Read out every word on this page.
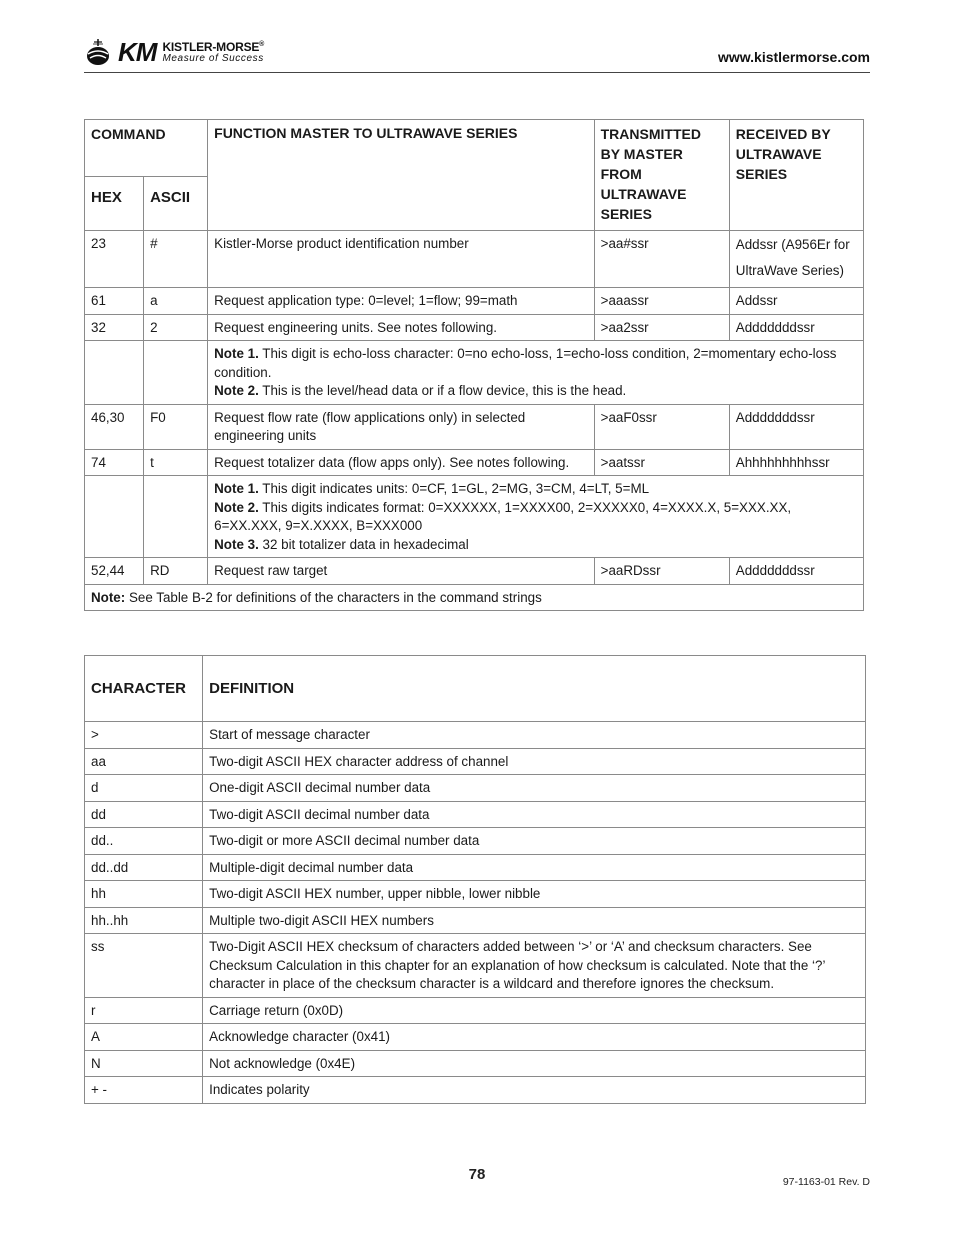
KM KISTLER-MORSE®
Measure of Success	www.kistlermorse.com
COMMAND		FUNCTION MASTER TO ULTRAWAVE SERIES	TRANSMITTED BY MASTER FROM ULTRAWAVE SERIES	RECEIVED BY ULTRAWAVE SERIES
HEX	ASCII			
23	#	Kistler-Morse product identification number	>aa#ssr	Addssr (A956Er for UltraWave Series)
61	a	Request application type: 0=level; 1=flow; 99=math	>aaassr	Addssr
32	2	Request engineering units. See notes following.	>aa2ssr	Adddddddssr
		Note 1. This digit is echo-loss character: 0=no echo-loss, 1=echo-loss condition, 2=momentary echo-loss condition.
Note 2. This is the level/head data or if a flow device, this is the head.		
46,30	F0	Request flow rate (flow applications only) in selected engineering units	>aaF0ssr	Adddddddssr
74	t	Request totalizer data (flow apps only). See notes following.	>aatssr	Ahhhhhhhhhssr
		Note 1. This digit indicates units: 0=CF, 1=GL, 2=MG, 3=CM, 4=LT, 5=ML
Note 2. This digits indicates format: 0=XXXXXX, 1=XXXX00, 2=XXXXX0, 4=XXXX.X, 5=XXX.XX, 6=XX.XXX, 9=X.XXXX, B=XXX000
Note 3. 32 bit totalizer data in hexadecimal		
52,44	RD	Request raw target	>aaRDssr	Adddddddssr
Note: See Table B-2 for definitions of the characters in the command strings				
CHARACTER	DEFINITION
>	Start of message character
aa	Two-digit ASCII HEX character address of channel
d	One-digit ASCII decimal number data
dd	Two-digit ASCII decimal number data
dd..	Two-digit or more ASCII decimal number data
dd..dd	Multiple-digit decimal number data
hh	Two-digit ASCII HEX number, upper nibble, lower nibble
hh..hh	Multiple two-digit ASCII HEX numbers
ss	Two-Digit ASCII HEX checksum of characters added between ‘>’ or ‘A’ and checksum characters. See Checksum Calculation in this chapter for an explanation of how checksum is calculated. Note that the ‘?’ character in place of the checksum character is a wildcard and therefore ignores the checksum.
r	Carriage return (0x0D)
A	Acknowledge character (0x41)
N	Not acknowledge (0x4E)
+ -	Indicates polarity
78	97-1163-01 Rev. D
